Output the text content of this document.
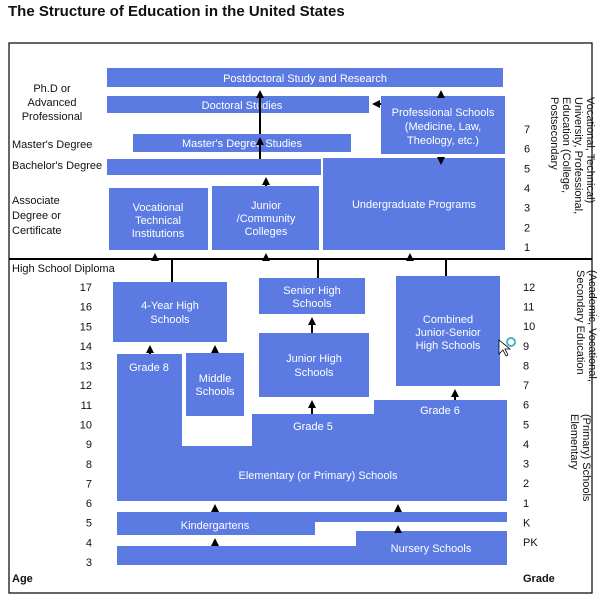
The Structure of Education in the United States
Postdoctoral Study and Research
Doctoral Studies
Professional Schools
(Medicine, Law,
Theology, etc.)
Master's Degree Studies
Undergraduate Programs
Vocational
Technical
Institutions
Junior
/Community
Colleges
4-Year High
Schools
Senior High
Schools
Combined
Junior-Senior
High Schools
Junior High
Schools
Middle
Schools
Grade 8
Grade 4
Grade 5
Grade 6
Elementary (or Primary) Schools
Kindergartens
Nursery Schools
Ph.D or
Advanced
Professional
Master's Degree
Bachelor's Degree
Associate
Degree or
Certificate
High School Diploma
17
16
15
14
13
12
11
10
9
8
7
6
5
4
3
Age
7
6
5
4
3
2
1
12
11
10
9
8
7
6
5
4
3
2
1
K
PK
Grade
Postsecondary Education (College, University, Professional, Vocational, Technical)
Secondary Education (Academic, Vocational,
Elementary (Primary) Schools
